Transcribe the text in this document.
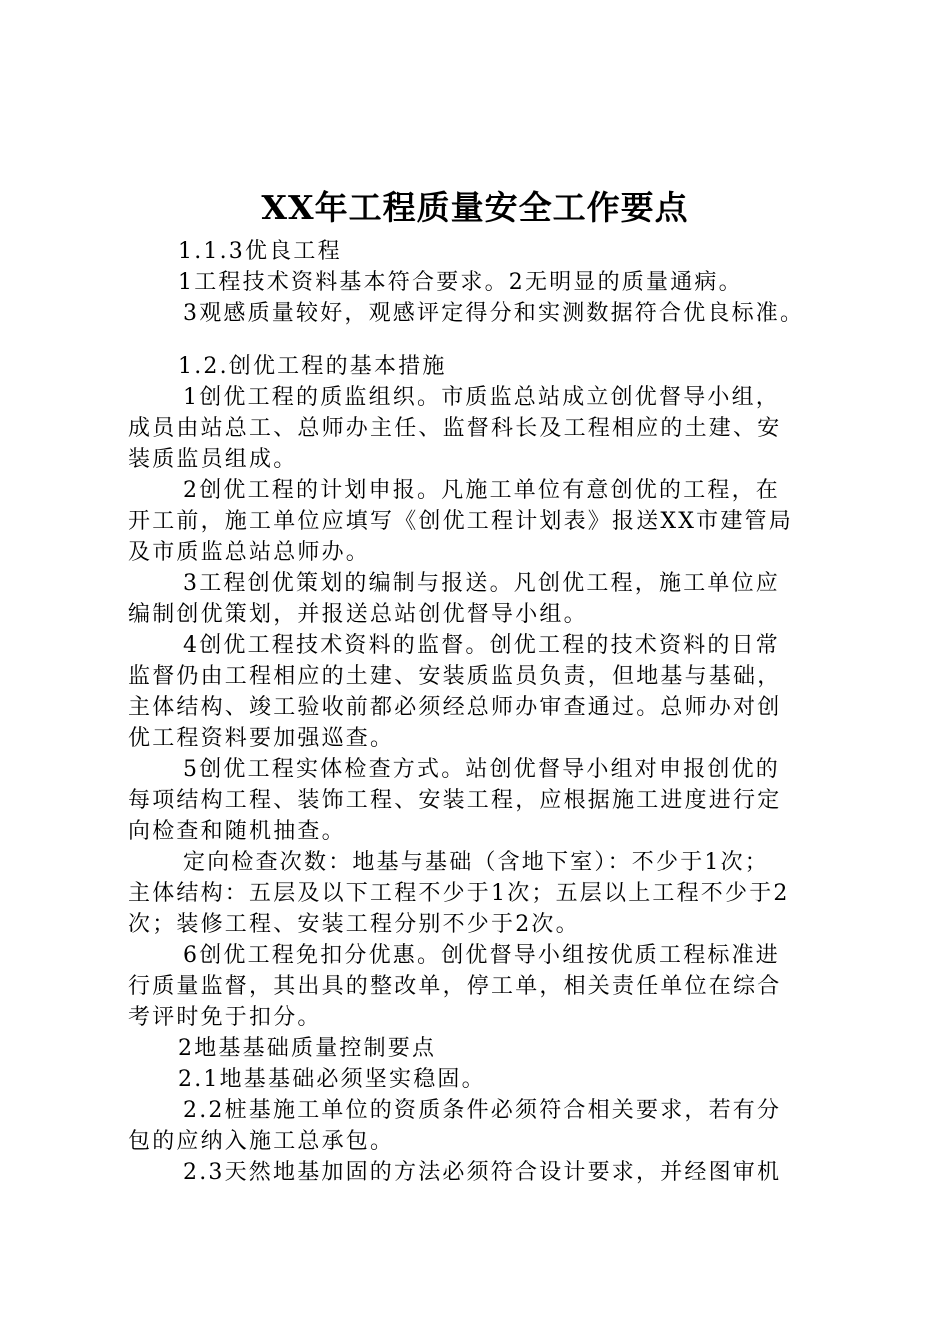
XX年工程质量安全工作要点
1.1.3优良工程
1工程技术资料基本符合要求。2无明显的质量通病。
3观感质量较好，观感评定得分和实测数据符合优良标准。
1.2.创优工程的基本措施
1创优工程的质监组织。市质监总站成立创优督导小组，
成员由站总工、总师办主任、监督科长及工程相应的土建、安
装质监员组成。
2创优工程的计划申报。凡施工单位有意创优的工程，在
开工前，施工单位应填写《创优工程计划表》报送XX市建管局
及市质监总站总师办。
3工程创优策划的编制与报送。凡创优工程，施工单位应
编制创优策划，并报送总站创优督导小组。
4创优工程技术资料的监督。创优工程的技术资料的日常
监督仍由工程相应的土建、安装质监员负责，但地基与基础，
主体结构、竣工验收前都必须经总师办审查通过。总师办对创
优工程资料要加强巡查。
5创优工程实体检查方式。站创优督导小组对申报创优的
每项结构工程、装饰工程、安装工程，应根据施工进度进行定
向检查和随机抽查。
定向检查次数：地基与基础（含地下室）：不少于1次；
主体结构：五层及以下工程不少于1次；五层以上工程不少于2
次；装修工程、安装工程分别不少于2次。
6创优工程免扣分优惠。创优督导小组按优质工程标准进
行质量监督，其出具的整改单，停工单，相关责任单位在综合
考评时免于扣分。
2地基基础质量控制要点
2.1地基基础必须坚实稳固。
2.2桩基施工单位的资质条件必须符合相关要求，若有分
包的应纳入施工总承包。
2.3天然地基加固的方法必须符合设计要求，并经图审机
